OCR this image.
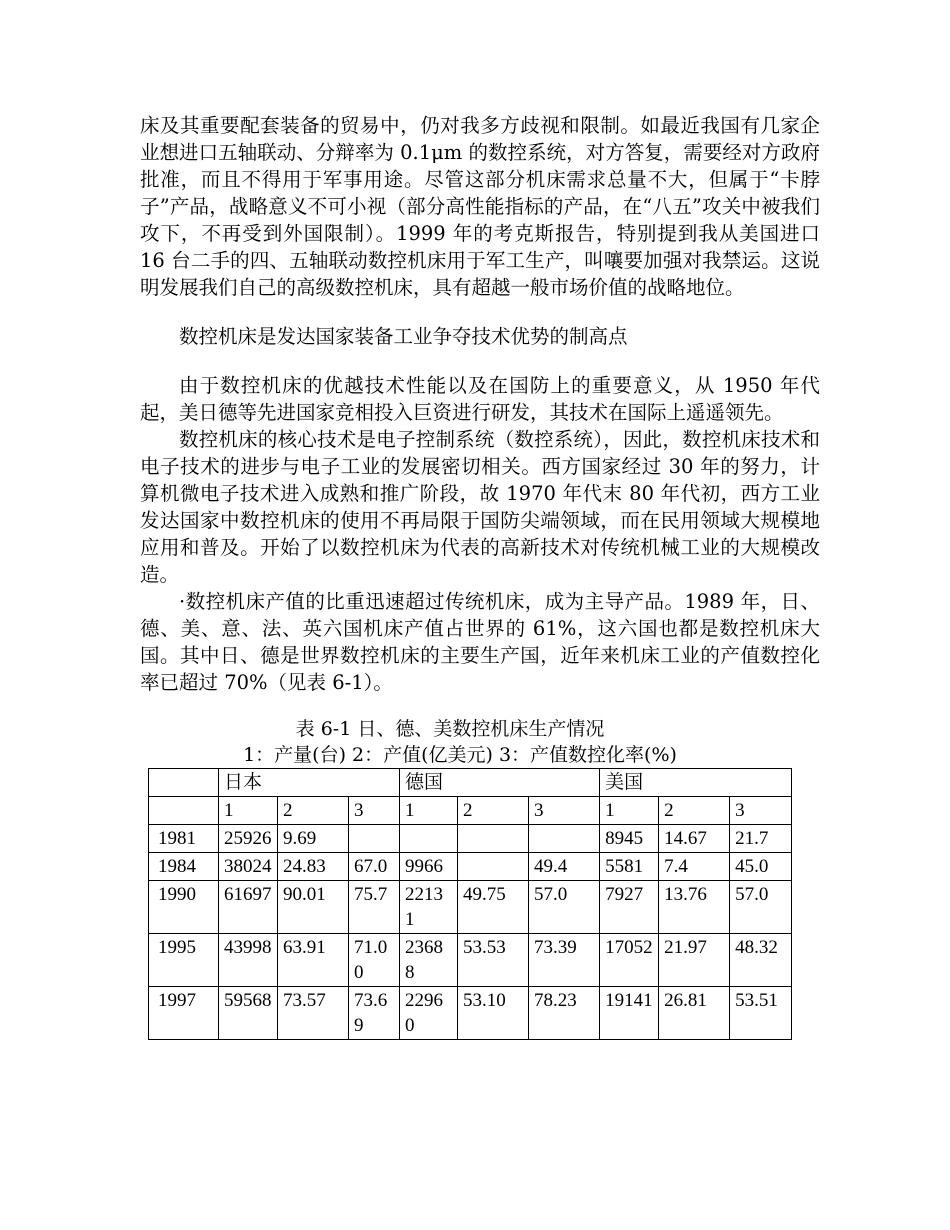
床及其重要配套装备的贸易中，仍对我多方歧视和限制。如最近我国有几家企业想进口五轴联动、分辩率为 0.1μm 的数控系统，对方答复，需要经对方政府批准，而且不得用于军事用途。尽管这部分机床需求总量不大，但属于“卡脖子”产品，战略意义不可小视（部分高性能指标的产品，在“八五”攻关中被我们攻下，不再受到外国限制）。1999 年的考克斯报告，特别提到我从美国进口 16 台二手的四、五轴联动数控机床用于军工生产，叫嚷要加强对我禁运。这说明发展我们自己的高级数控机床，具有超越一般市场价值的战略地位。

数控机床是发达国家装备工业争夺技术优势的制高点

由于数控机床的优越技术性能以及在国防上的重要意义，从 1950 年代起，美日德等先进国家竞相投入巨资进行研发，其技术在国际上遥遥领先。

数控机床的核心技术是电子控制系统（数控系统），因此，数控机床技术和电子技术的进步与电子工业的发展密切相关。西方国家经过 30 年的努力，计算机微电子技术进入成熟和推广阶段，故 1970 年代末 80 年代初，西方工业发达国家中数控机床的使用不再局限于国防尖端领域，而在民用领域大规模地应用和普及。开始了以数控机床为代表的高新技术对传统机械工业的大规模改造。

·数控机床产值的比重迅速超过传统机床，成为主导产品。1989 年，日、德、美、意、法、英六国机床产值占世界的 61%，这六国也都是数控机床大国。其中日、德是世界数控机床的主要生产国，近年来机床工业的产值数控化率已超过 70%（见表 6-1）。

表 6-1 日、德、美数控机床生产情况

1：产量(台) 2：产值(亿美元) 3：产值数控化率(%)

	日本			德国			美国		
	1	2	3	1	2	3	1	2	3
1981	25926	9.69					8945	14.67	21.7
1984	38024	24.83	67.0	9966		49.4	5581	7.4	45.0
1990	61697	90.01	75.7	22131	49.75	57.0	7927	13.76	57.0
1995	43998	63.91	71.00	23688	53.53	73.39	17052	21.97	48.32
1997	59568	73.57	73.69	22960	53.10	78.23	19141	26.81	53.51
